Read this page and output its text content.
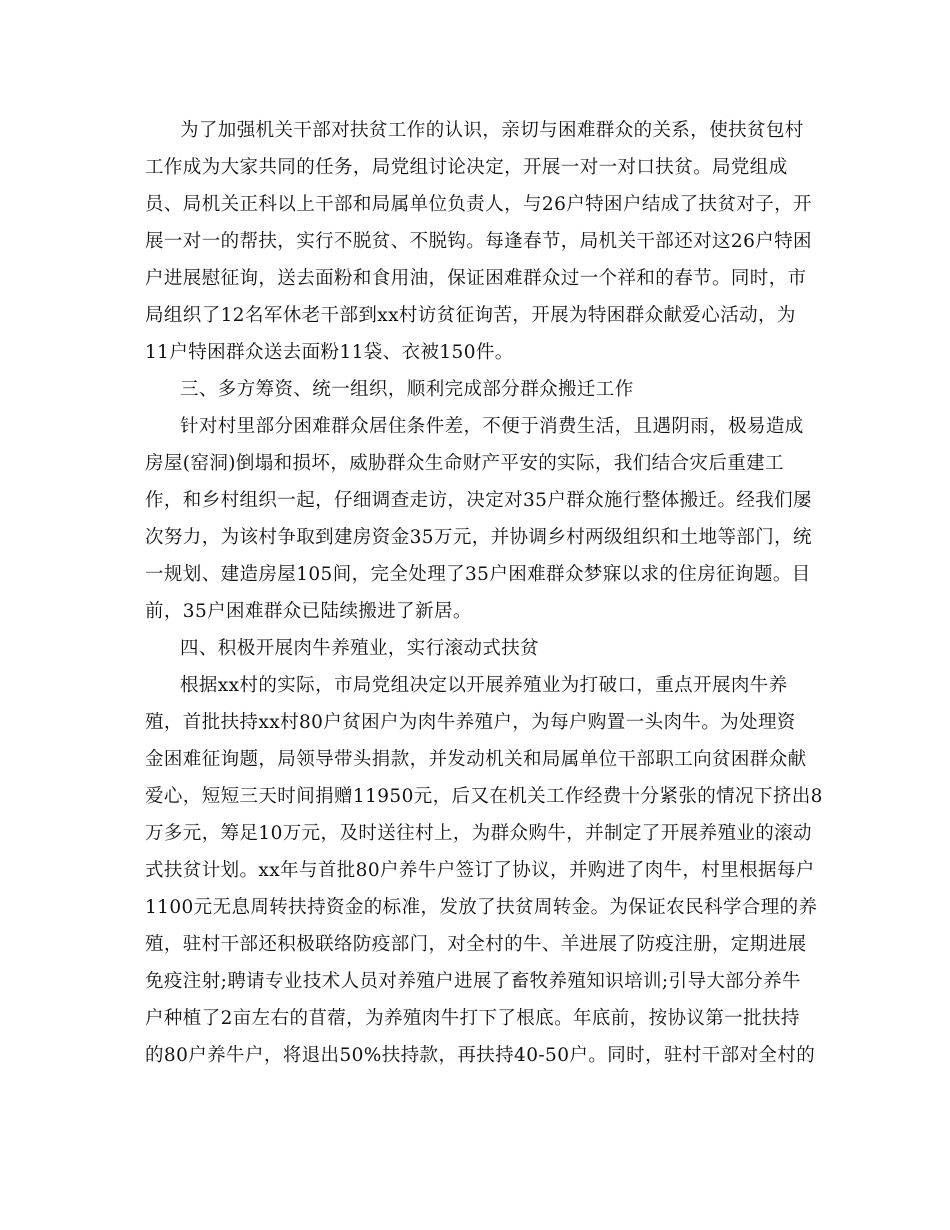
为了加强机关干部对扶贫工作的认识，亲切与困难群众的关系，使扶贫包村
工作成为大家共同的任务，局党组讨论决定，开展一对一对口扶贫。局党组成
员、局机关正科以上干部和局属单位负责人，与26户特困户结成了扶贫对子，开
展一对一的帮扶，实行不脱贫、不脱钩。每逢春节，局机关干部还对这26户特困
户进展慰征询，送去面粉和食用油，保证困难群众过一个祥和的春节。同时，市
局组织了12名军休老干部到xx村访贫征询苦，开展为特困群众献爱心活动，为
11户特困群众送去面粉11袋、衣被150件。
三、多方筹资、统一组织，顺利完成部分群众搬迁工作
针对村里部分困难群众居住条件差，不便于消费生活，且遇阴雨，极易造成
房屋(窑洞)倒塌和损坏，威胁群众生命财产平安的实际，我们结合灾后重建工
作，和乡村组织一起，仔细调查走访，决定对35户群众施行整体搬迁。经我们屡
次努力，为该村争取到建房资金35万元，并协调乡村两级组织和土地等部门，统
一规划、建造房屋105间，完全处理了35户困难群众梦寐以求的住房征询题。目
前，35户困难群众已陆续搬进了新居。
四、积极开展肉牛养殖业，实行滚动式扶贫
根据xx村的实际，市局党组决定以开展养殖业为打破口，重点开展肉牛养
殖，首批扶持xx村80户贫困户为肉牛养殖户，为每户购置一头肉牛。为处理资
金困难征询题，局领导带头捐款，并发动机关和局属单位干部职工向贫困群众献
爱心，短短三天时间捐赠11950元，后又在机关工作经费十分紧张的情况下挤出8
万多元，筹足10万元，及时送往村上，为群众购牛，并制定了开展养殖业的滚动
式扶贫计划。xx年与首批80户养牛户签订了协议，并购进了肉牛，村里根据每户
1100元无息周转扶持资金的标准，发放了扶贫周转金。为保证农民科学合理的养
殖，驻村干部还积极联络防疫部门，对全村的牛、羊进展了防疫注册，定期进展
免疫注射;聘请专业技术人员对养殖户进展了畜牧养殖知识培训;引导大部分养牛
户种植了2亩左右的苜蓿，为养殖肉牛打下了根底。年底前，按协议第一批扶持
的80户养牛户，将退出50%扶持款，再扶持40-50户。同时，驻村干部对全村的
